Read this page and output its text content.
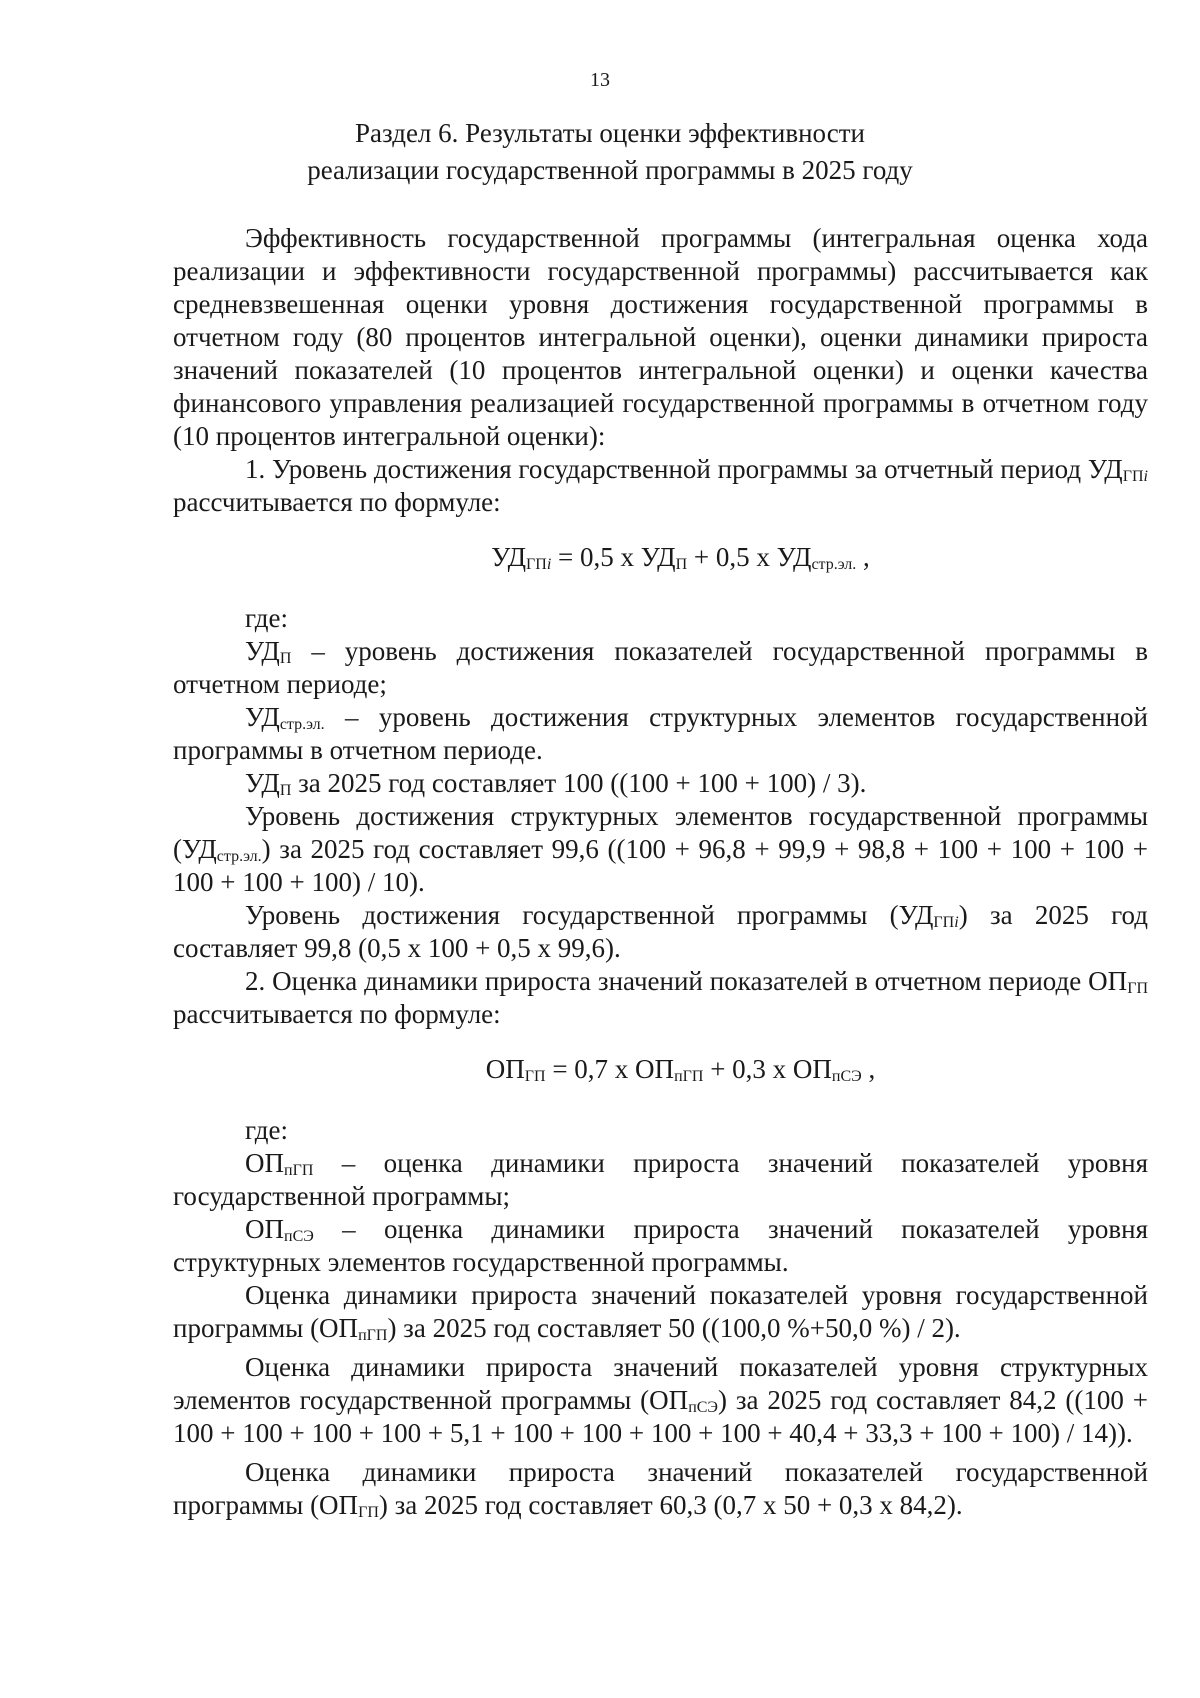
13
Раздел 6. Результаты оценки эффективности
реализации государственной программы в 2025 году

Эффективность государственной программы (интегральная оценка хода реализации и эффективности государственной программы) рассчитывается как средневзвешенная оценки уровня достижения государственной программы в отчетном году (80 процентов интегральной оценки), оценки динамики прироста значений показателей (10 процентов интегральной оценки) и оценки качества финансового управления реализацией государственной программы в отчетном году (10 процентов интегральной оценки):

1. Уровень достижения государственной программы за отчетный период $УД_{ГПi}$ рассчитывается по формуле:

$УД_{ГПi} = 0,5$ х $УД_П + 0,5$ х $УД_{стр.эл.}$ ,

где:

$УД_П$ – уровень достижения показателей государственной программы в отчетном периоде;

$УД_{стр.эл.}$ – уровень достижения структурных элементов государственной программы в отчетном периоде.

$УД_П$ за 2025 год составляет 100 ((100 + 100 + 100) / 3).

Уровень достижения структурных элементов государственной программы $(УД_{стр.эл.})$ за 2025 год составляет 99,6 ((100 + 96,8 + 99,9 + 98,8 + 100 + 100 + 100 + 100 + 100 + 100) / 10).

Уровень достижения государственной программы $(УД_{ГПi})$ за 2025 год составляет 99,8 (0,5 х 100 + 0,5 х 99,6).

2. Оценка динамики прироста значений показателей в отчетном периоде $ОП_{ГП}$ рассчитывается по формуле:

$ОП_{ГП} = 0,7$ х $ОП_{пГП} + 0,3$ х $ОП_{пСЭ}$ ,

где:

$ОП_{пГП}$ – оценка динамики прироста значений показателей уровня государственной программы;

$ОП_{пСЭ}$ – оценка динамики прироста значений показателей уровня структурных элементов государственной программы.

Оценка динамики прироста значений показателей уровня государственной программы $(ОП_{пГП})$ за 2025 год составляет 50 ((100,0 %+50,0 %) / 2).

Оценка динамики прироста значений показателей уровня структурных элементов государственной программы $(ОП_{пСЭ})$ за 2025 год составляет 84,2 ((100 + 100 + 100 + 100 + 100 + 5,1 + 100 + 100 + 100 + 100 + 40,4 + 33,3 + 100 + 100) / 14)).

Оценка динамики прироста значений показателей государственной программы $(ОП_{ГП})$ за 2025 год составляет 60,3 (0,7 х 50 + 0,3 х 84,2).
